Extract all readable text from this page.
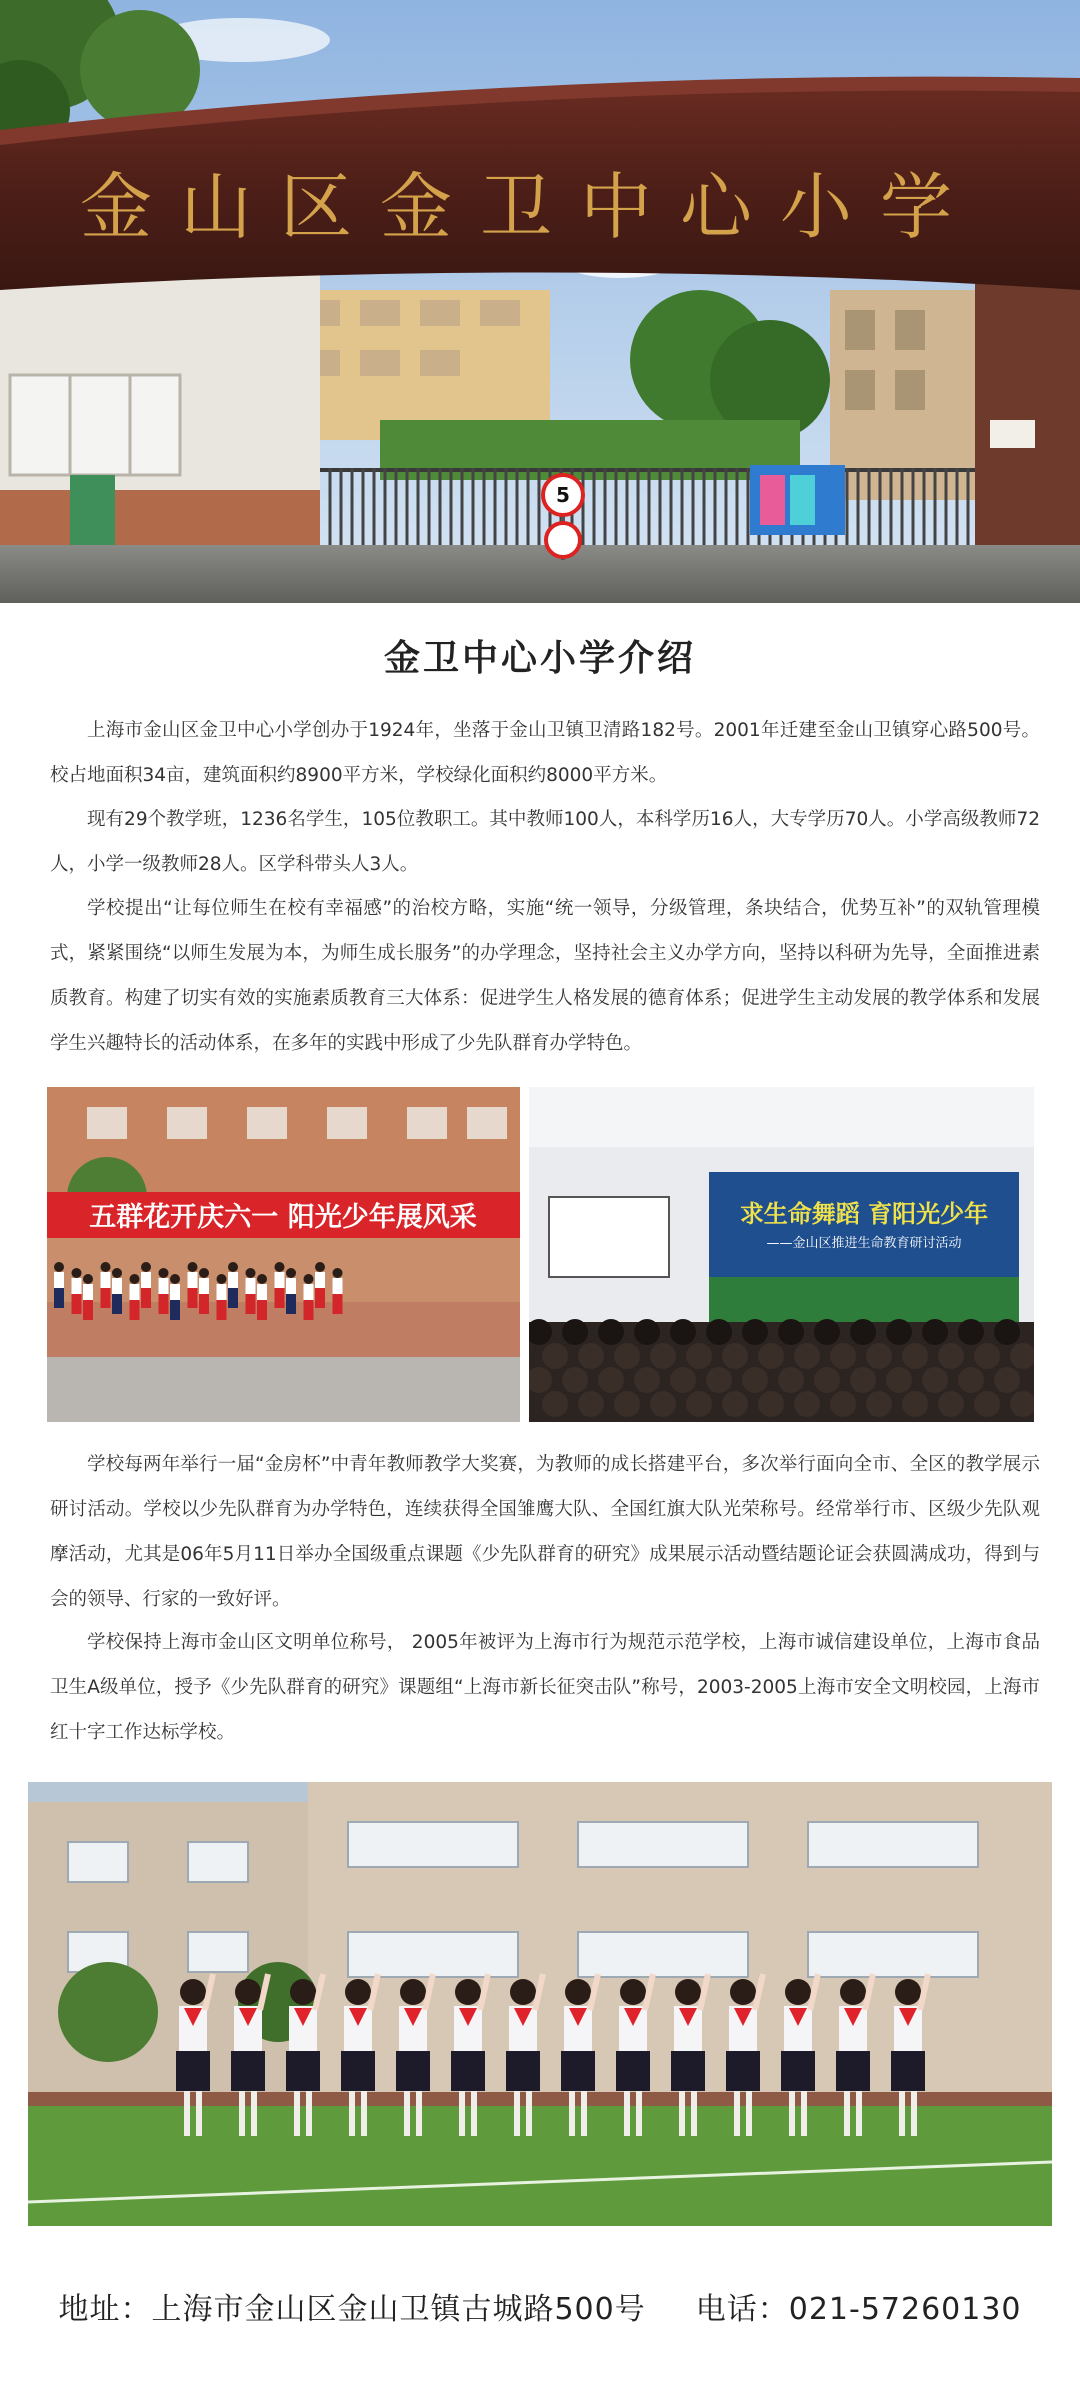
5
金山区金卫中心小学
金卫中心小学介绍
上海市金山区金卫中心小学创办于1924年，坐落于金山卫镇卫清路182号。2001年迁建至金山卫镇穿心路500号。校占地面积34亩，建筑面积约8900平方米，学校绿化面积约8000平方米。
现有29个教学班，1236名学生，105位教职工。其中教师100人，本科学历16人，大专学历70人。小学高级教师72人，小学一级教师28人。区学科带头人3人。
学校提出“让每位师生在校有幸福感”的治校方略，实施“统一领导，分级管理，条块结合，优势互补”的双轨管理模式，紧紧围绕“以师生发展为本，为师生成长服务”的办学理念，坚持社会主义办学方向，坚持以科研为先导，全面推进素质教育。构建了切实有效的实施素质教育三大体系：促进学生人格发展的德育体系；促进学生主动发展的教学体系和发展学生兴趣特长的活动体系，在多年的实践中形成了少先队群育办学特色。
五群花开庆六一 阳光少年展风采	求生命舞蹈 育阳光少年
——金山区推进生命教育研讨活动
学校每两年举行一届“金房杯”中青年教师教学大奖赛，为教师的成长搭建平台，多次举行面向全市、全区的教学展示研讨活动。学校以少先队群育为办学特色，连续获得全国雏鹰大队、全国红旗大队光荣称号。经常举行市、区级少先队观摩活动，尤其是06年5月11日举办全国级重点课题《少先队群育的研究》成果展示活动暨结题论证会获圆满成功，得到与会的领导、行家的一致好评。
学校保持上海市金山区文明单位称号， 2005年被评为上海市行为规范示范学校，上海市诚信建设单位，上海市食品卫生A级单位，授予《少先队群育的研究》课题组“上海市新长征突击队”称号，2003-2005上海市安全文明校园，上海市红十字工作达标学校。
地址：上海市金山区金山卫镇古城路500号 电话：021-57260130
